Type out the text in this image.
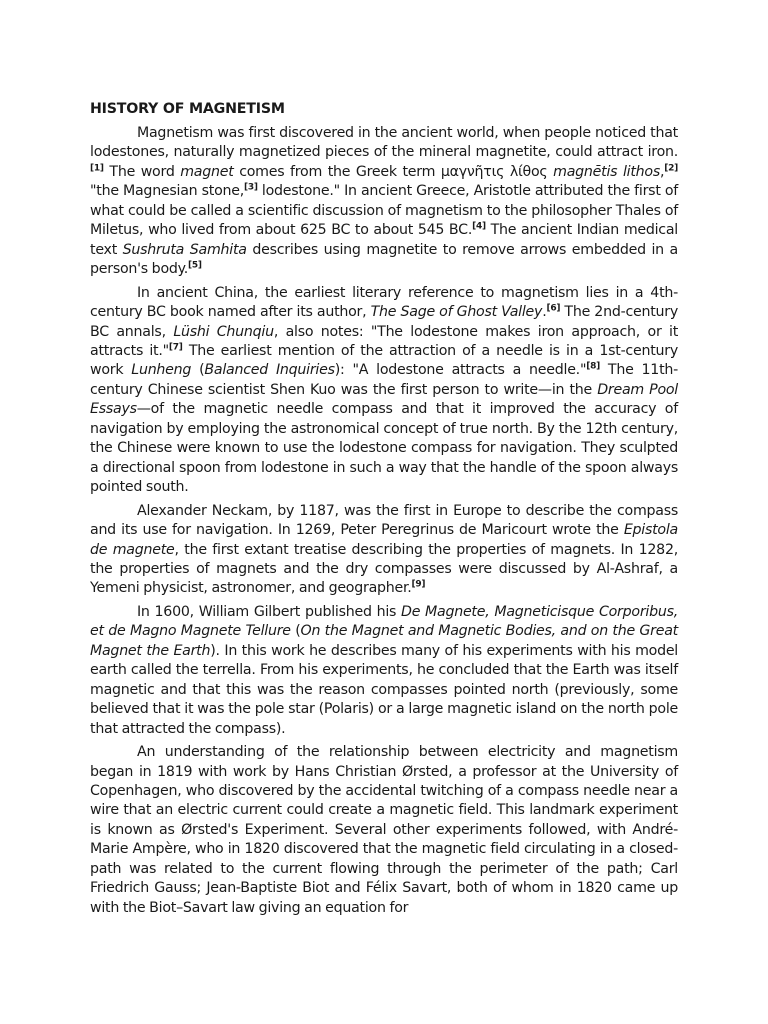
HISTORY OF MAGNETISM

Magnetism was first discovered in the ancient world, when people noticed that lodestones, naturally magnetized pieces of the mineral magnetite, could attract iron.[1] The word magnet comes from the Greek term μαγνῆτις λίθος magnētis lithos,[2] "the Magnesian stone,[3] lodestone." In ancient Greece, Aristotle attributed the first of what could be called a scientific discussion of magnetism to the philosopher Thales of Miletus, who lived from about 625 BC to about 545 BC.[4] The ancient Indian medical text Sushruta Samhita describes using magnetite to remove arrows embedded in a person's body.[5]

In ancient China, the earliest literary reference to magnetism lies in a 4th-century BC book named after its author, The Sage of Ghost Valley.[6] The 2nd-century BC annals, Lüshi Chunqiu, also notes: "The lodestone makes iron approach, or it attracts it."[7] The earliest mention of the attraction of a needle is in a 1st-century work Lunheng (Balanced Inquiries): "A lodestone attracts a needle."[8] The 11th-century Chinese scientist Shen Kuo was the first person to write—in the Dream Pool Essays—of the magnetic needle compass and that it improved the accuracy of navigation by employing the astronomical concept of true north. By the 12th century, the Chinese were known to use the lodestone compass for navigation. They sculpted a directional spoon from lodestone in such a way that the handle of the spoon always pointed south.

Alexander Neckam, by 1187, was the first in Europe to describe the compass and its use for navigation. In 1269, Peter Peregrinus de Maricourt wrote the Epistola de magnete, the first extant treatise describing the properties of magnets. In 1282, the properties of magnets and the dry compasses were discussed by Al-Ashraf, a Yemeni physicist, astronomer, and geographer.[9]

In 1600, William Gilbert published his De Magnete, Magneticisque Corporibus, et de Magno Magnete Tellure (On the Magnet and Magnetic Bodies, and on the Great Magnet the Earth). In this work he describes many of his experiments with his model earth called the terrella. From his experiments, he concluded that the Earth was itself magnetic and that this was the reason compasses pointed north (previously, some believed that it was the pole star (Polaris) or a large magnetic island on the north pole that attracted the compass).

An understanding of the relationship between electricity and magnetism began in 1819 with work by Hans Christian Ørsted, a professor at the University of Copenhagen, who discovered by the accidental twitching of a compass needle near a wire that an electric current could create a magnetic field. This landmark experiment is known as Ørsted's Experiment. Several other experiments followed, with André-Marie Ampère, who in 1820 discovered that the magnetic field circulating in a closed-path was related to the current flowing through the perimeter of the path; Carl Friedrich Gauss; Jean-Baptiste Biot and Félix Savart, both of whom in 1820 came up with the Biot–Savart law giving an equation for
